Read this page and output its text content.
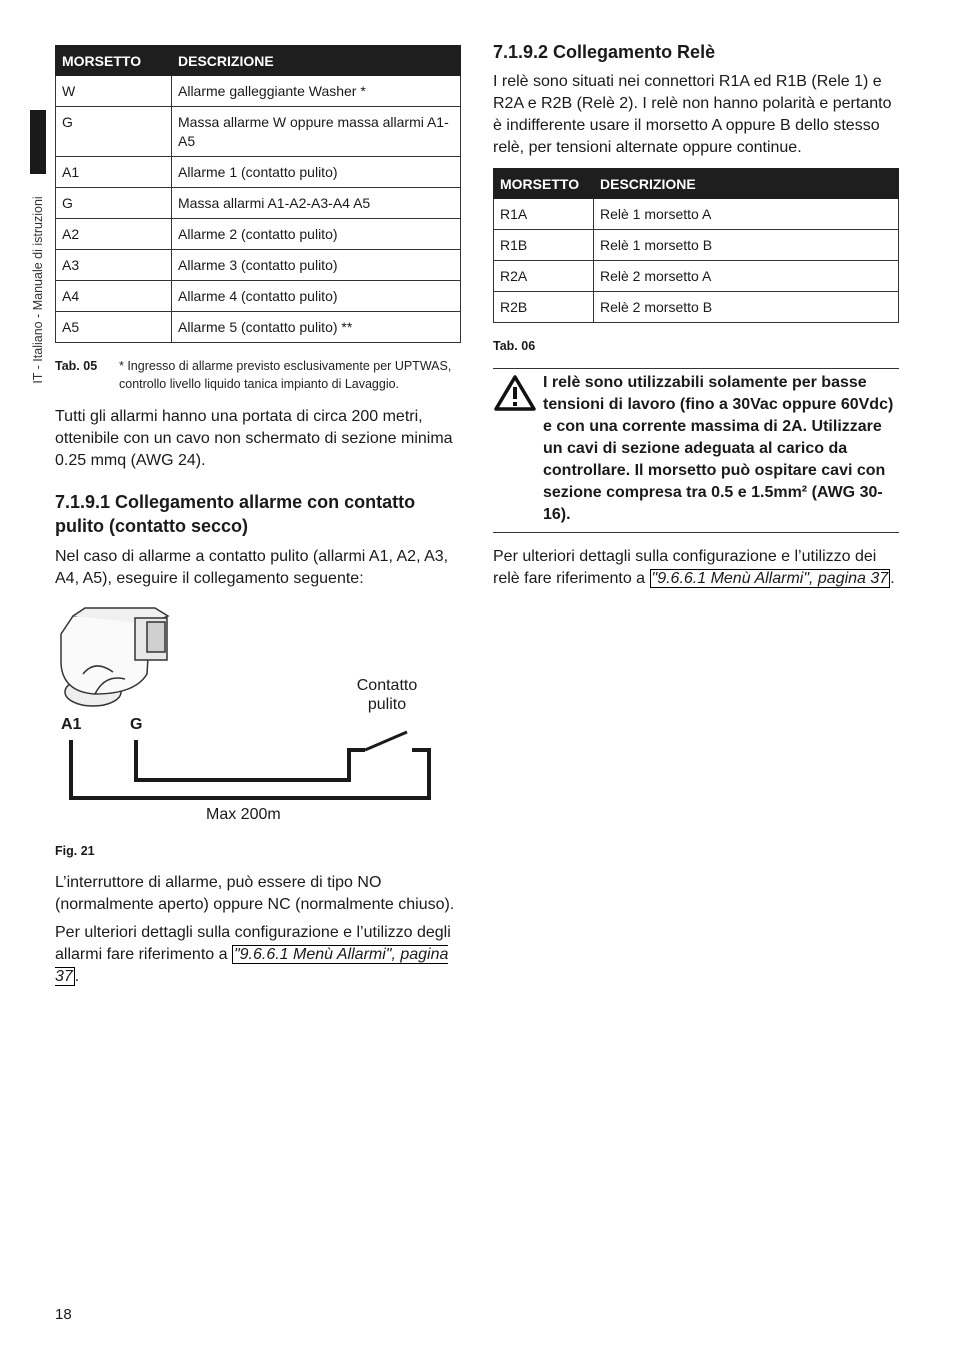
IT - Italiano - Manuale di istruzioni
MORSETTO	DESCRIZIONE
W	Allarme galleggiante Washer *
G	Massa allarme W oppure massa allarmi A1-A5
A1	Allarme 1 (contatto pulito)
G	Massa allarmi A1-A2-A3-A4 A5
A2	Allarme 2 (contatto pulito)
A3	Allarme 3 (contatto pulito)
A4	Allarme 4 (contatto pulito)
A5	Allarme 5 (contatto pulito) **
Tab. 05	* Ingresso di allarme previsto esclusivamente per UPTWAS, controllo livello liquido tanica impianto di Lavaggio.

Tutti gli allarmi hanno una portata di circa 200 metri, ottenibile con un cavo non schermato di sezione minima 0.25 mmq (AWG 24).

7.1.9.1 Collegamento allarme con contatto pulito (contatto secco)

Nel caso di allarme a contatto pulito (allarmi A1, A2, A3, A4, A5), eseguire il collegamento seguente:

A1	G
Contatto
pulito
Max 200m
Fig. 21

L’interruttore di allarme, può essere di tipo NO (normalmente aperto) oppure NC (normalmente chiuso).

Per ulteriori dettagli sulla configurazione e l’utilizzo degli allarmi fare riferimento a "9.6.6.1 Menù Allarmi", pagina 37 .

7.1.9.2 Collegamento Relè

I relè sono situati nei connettori R1A ed R1B (Rele 1) e R2A e R2B (Relè 2). I relè non hanno polarità e pertanto è indifferente usare il morsetto A oppure B dello stesso relè, per tensioni alternate oppure continue.

MORSETTO	DESCRIZIONE
R1A	Relè 1 morsetto A
R1B	Relè 1 morsetto B
R2A	Relè 2 morsetto A
R2B	Relè 2 morsetto B
Tab. 06
I relè sono utilizzabili solamente per basse tensioni di lavoro (fino a 30Vac oppure 60Vdc) e con una corrente massima di 2A. Utilizzare un cavi di sezione adeguata al carico da controllare. Il morsetto può ospitare cavi con sezione compresa tra 0.5 e 1.5mm² (AWG 30-16).

Per ulteriori dettagli sulla configurazione e l’utilizzo dei relè fare riferimento a "9.6.6.1 Menù Allarmi", pagina 37 .

18
